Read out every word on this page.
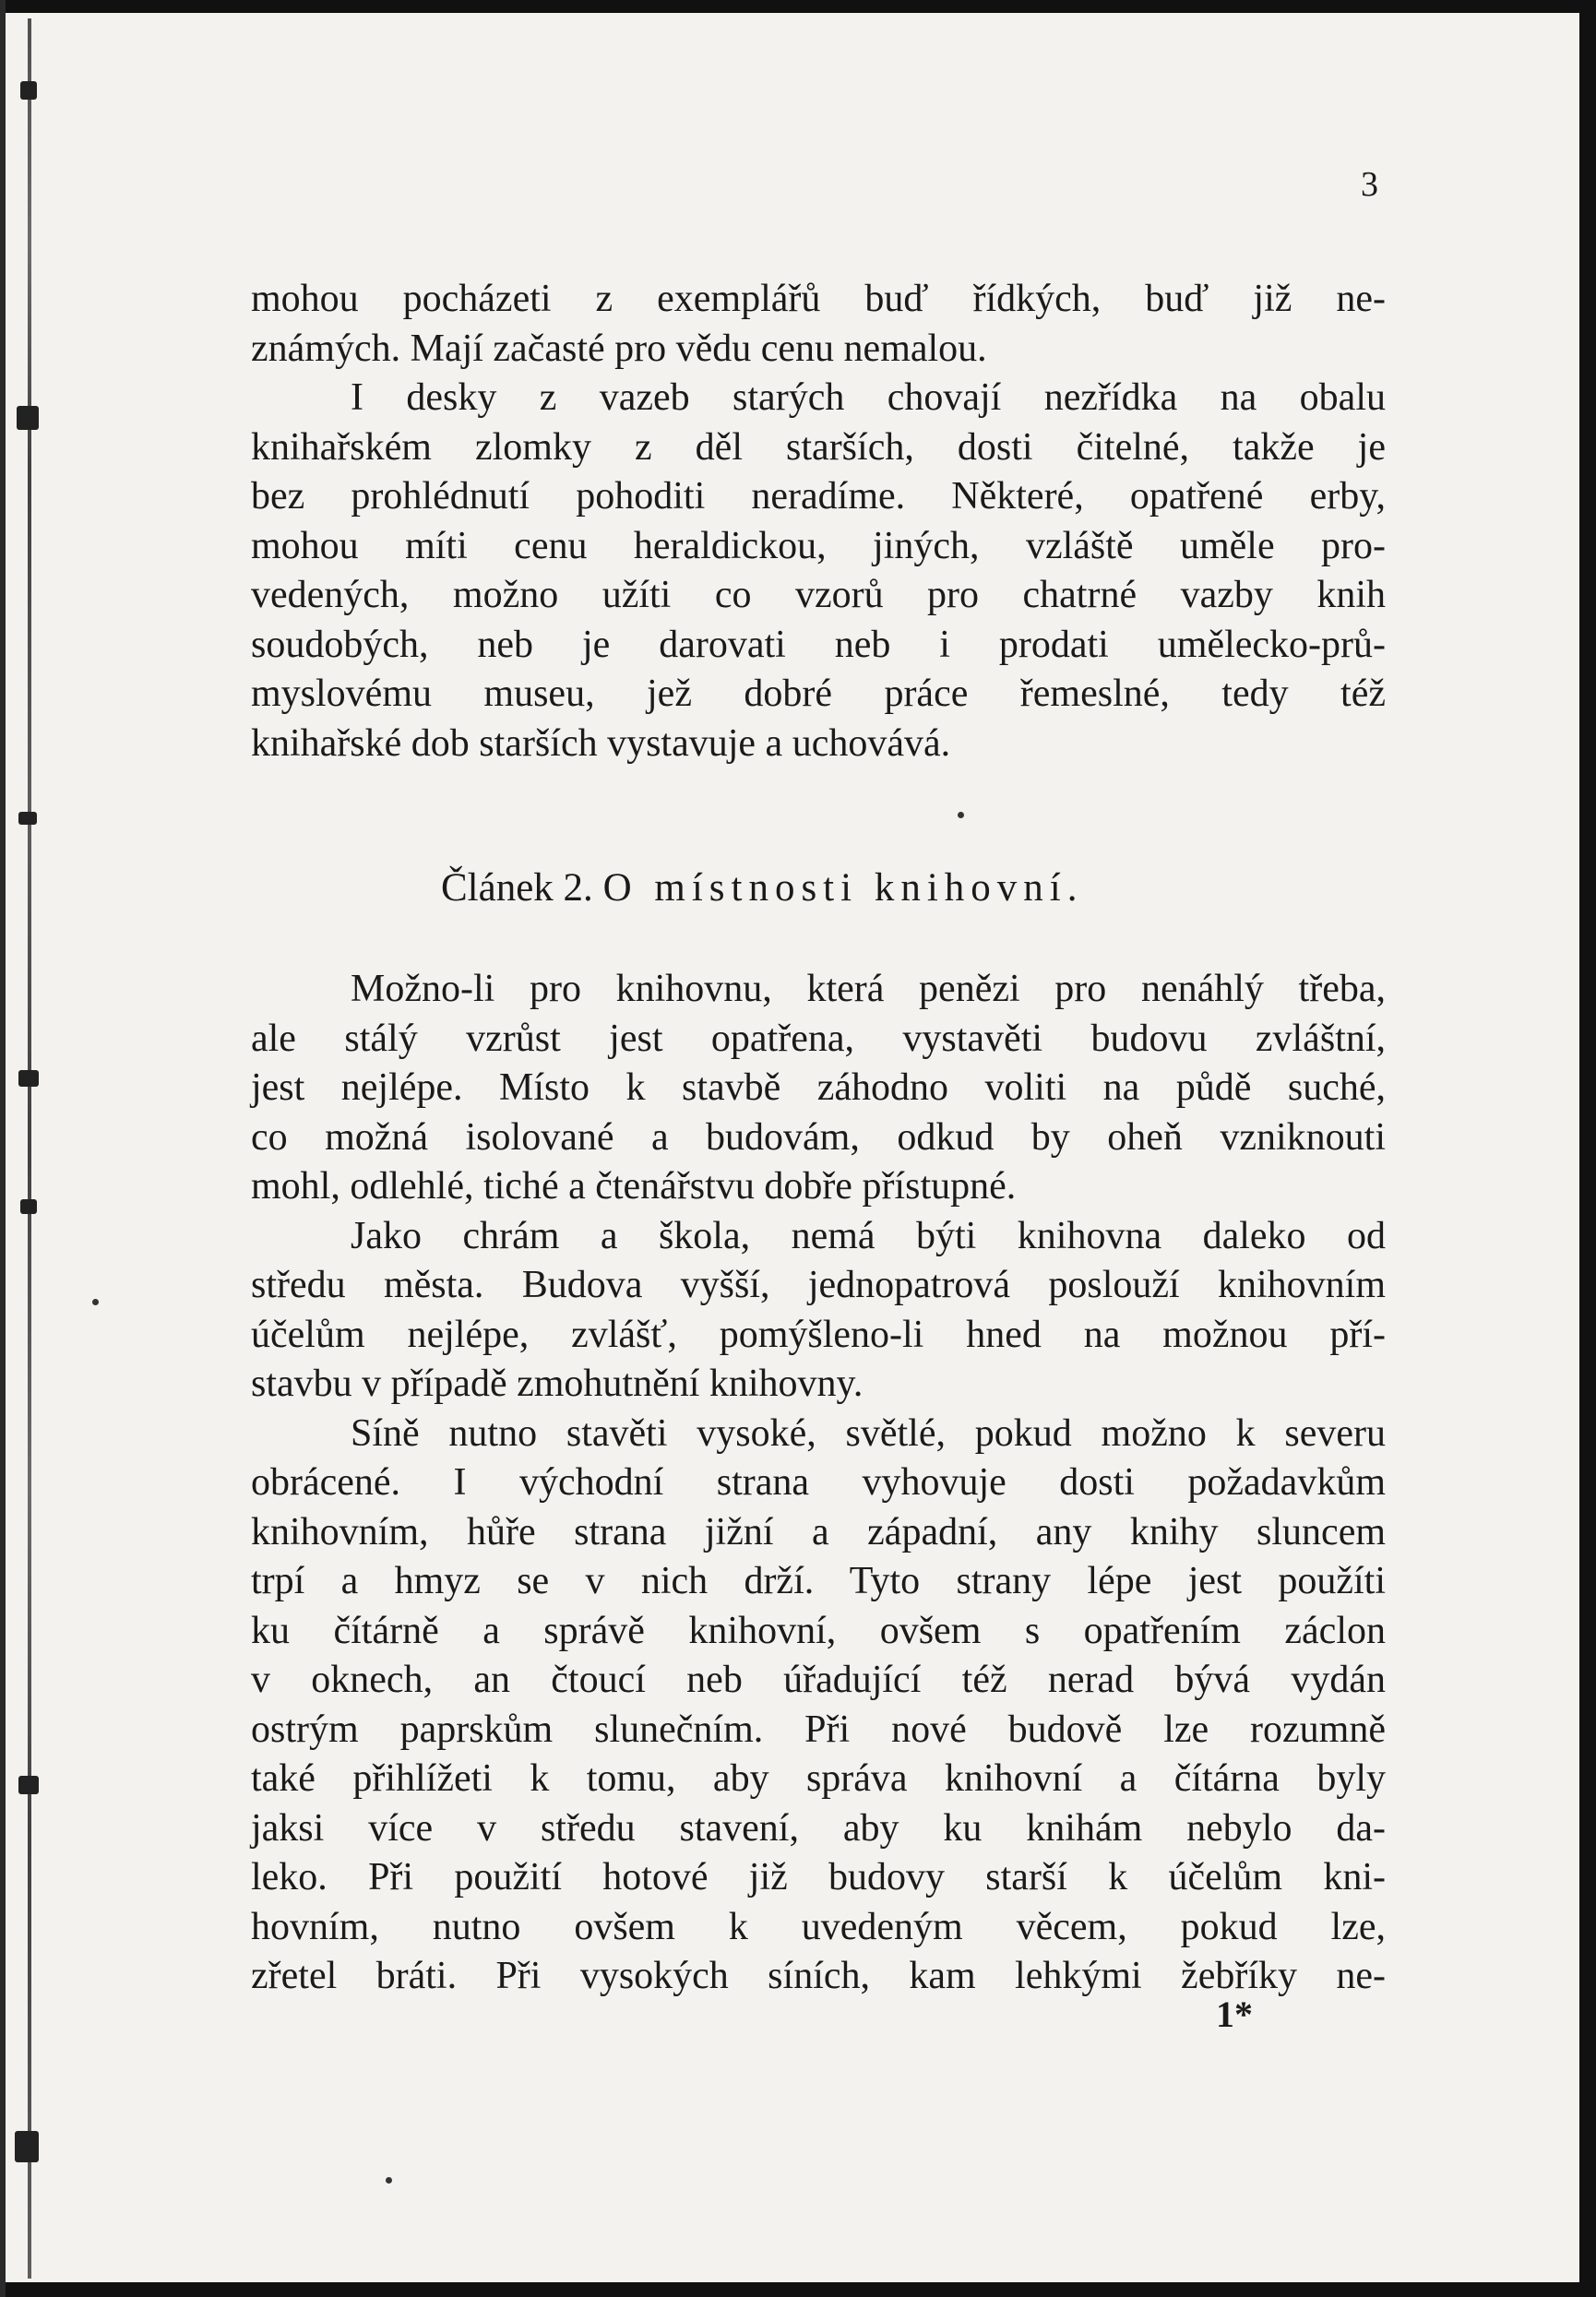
3
mohou pocházeti z exemplářů buď řídkých, buď již ne-
známých. Mají začasté pro vědu cenu nemalou.
I desky z vazeb starých chovají nezřídka na obalu
knihařském zlomky z děl starších, dosti čitelné, takže je
bez prohlédnutí pohoditi neradíme. Některé, opatřené erby,
mohou míti cenu heraldickou, jiných, vzláště uměle pro-
vedených, možno užíti co vzorů pro chatrné vazby knih
soudobých, neb je darovati neb i prodati umělecko-prů-
myslovému museu, jež dobré práce řemeslné, tedy též
knihařské dob starších vystavuje a uchovává.
Článek 2. O místnosti knihovní.
Možno-li pro knihovnu, která penězi pro nenáhlý třeba,
ale stálý vzrůst jest opatřena, vystavěti budovu zvláštní,
jest nejlépe. Místo k stavbě záhodno voliti na půdě suché,
co možná isolované a budovám, odkud by oheň vzniknouti
mohl, odlehlé, tiché a čtenářstvu dobře přístupné.
Jako chrám a škola, nemá býti knihovna daleko od
středu města. Budova vyšší, jednopatrová poslouží knihovním
účelům nejlépe, zvlášť, pomýšleno-li hned na možnou pří-
stavbu v případě zmohutnění knihovny.
Síně nutno stavěti vysoké, světlé, pokud možno k severu
obrácené. I východní strana vyhovuje dosti požadavkům
knihovním, hůře strana jižní a západní, any knihy sluncem
trpí a hmyz se v nich drží. Tyto strany lépe jest použíti
ku čítárně a správě knihovní, ovšem s opatřením záclon
v oknech, an čtoucí neb úřadující též nerad bývá vydán
ostrým paprskům slunečním. Při nové budově lze rozumně
také přihlížeti k tomu, aby správa knihovní a čítárna byly
jaksi více v středu stavení, aby ku knihám nebylo da-
leko. Při použití hotové již budovy starší k účelům kni-
hovním, nutno ovšem k uvedeným věcem, pokud lze,
zřetel bráti. Při vysokých síních, kam lehkými žebříky ne-
1*
